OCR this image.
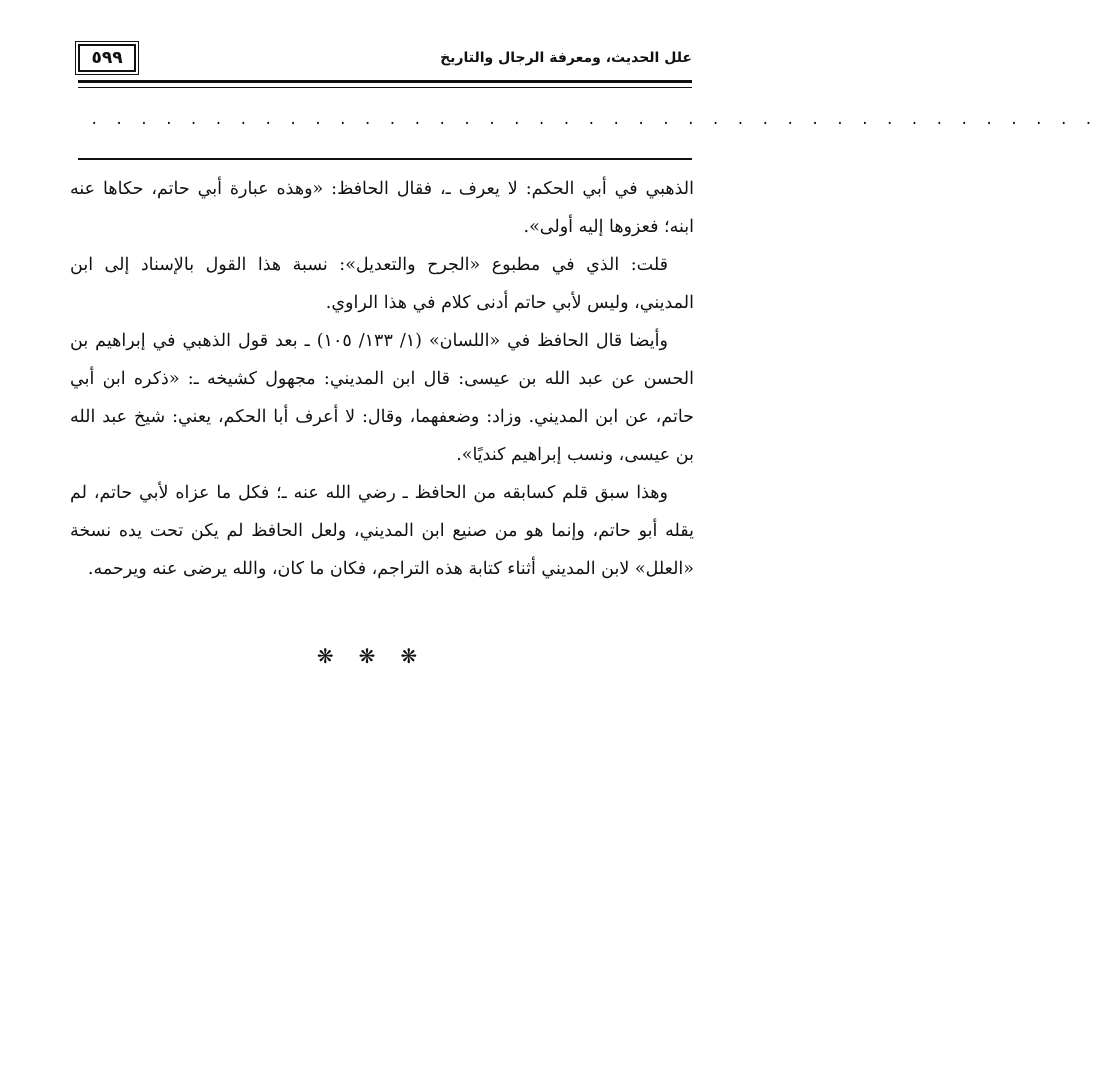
٥٩٩	علل الحديث، ومعرفة الرجال والتاريخ
. . . . . . . . . . . . . . . . . . . . . . . . . . . . . . . . . . . . . . . . .

الذهبي في أبي الحكم: لا يعرف ـ، فقال الحافظ: «وهذه عبارة أبي حاتم، حكاها عنه ابنه؛ فعزوها إليه أولى».

قلت: الذي في مطبوع «الجرح والتعديل»: نسبة هذا القول بالإسناد إلى ابن المديني، وليس لأبي حاتم أدنى كلام في هذا الراوي.

وأيضا قال الحافظ في «اللسان» (١/ ١٣٣/ ١٠٥) ـ بعد قول الذهبي في إبراهيم بن الحسن عن عبد الله بن عيسى: قال ابن المديني: مجهول كشيخه ـ: «ذكره ابن أبي حاتم، عن ابن المديني. وزاد: وضعفهما، وقال: لا أعرف أبا الحكم، يعني: شيخ عبد الله بن عيسى، ونسب إبراهيم كنديًا».

وهذا سبق قلم كسابقه من الحافظ ـ رضي الله عنه ـ؛ فكل ما عزاه لأبي حاتم، لم يقله أبو حاتم، وإنما هو من صنيع ابن المديني، ولعل الحافظ لم يكن تحت يده نسخة «العلل» لابن المديني أثناء كتابة هذه التراجم، فكان ما كان، والله يرضى عنه ويرحمه.

❋ ❋ ❋
